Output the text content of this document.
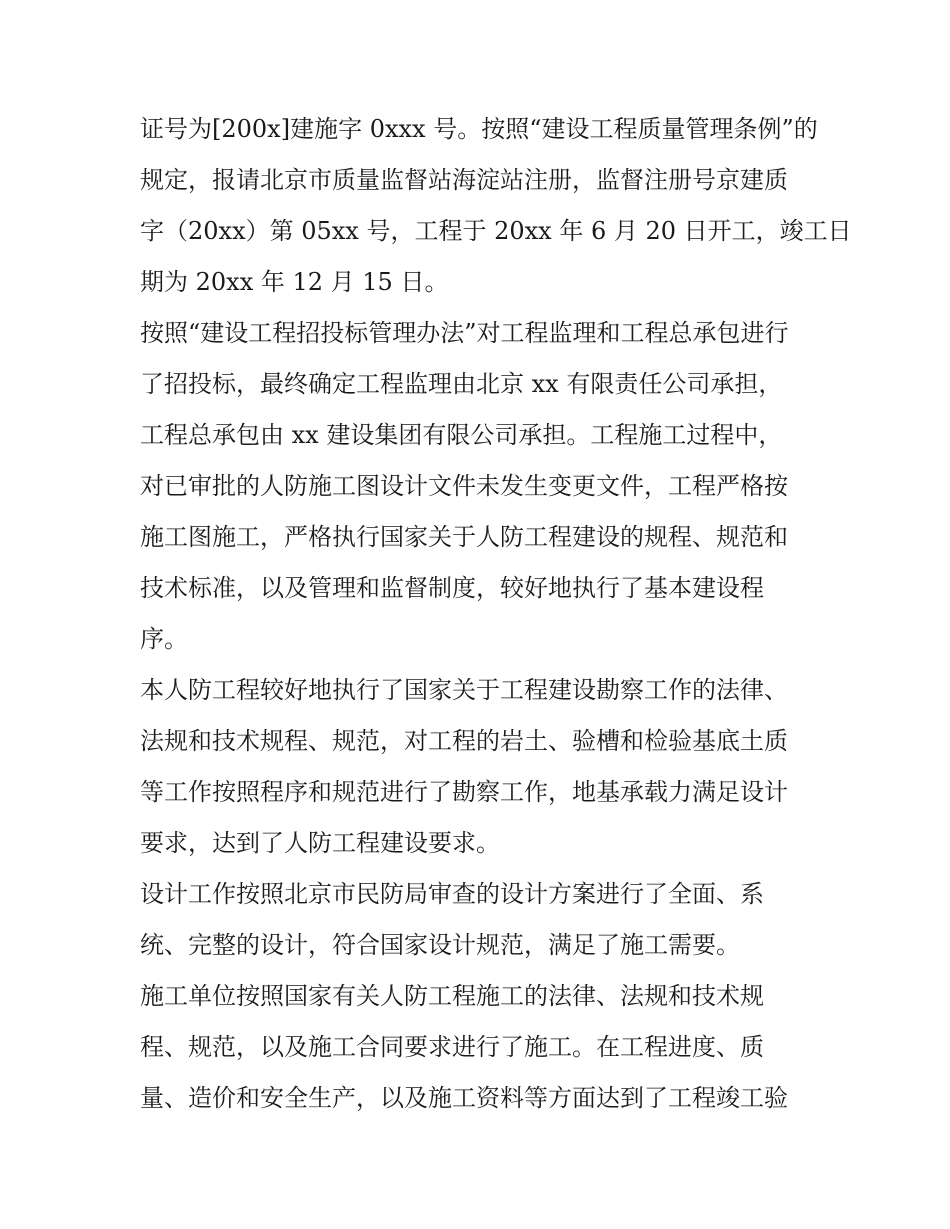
证号为[200x]建施字 0xxx 号。按照“建设工程质量管理条例”的
规定，报请北京市质量监督站海淀站注册，监督注册号京建质
字（20xx）第 05xx 号，工程于 20xx 年 6 月 20 日开工，竣工日
期为 20xx 年 12 月 15 日。

按照“建设工程招投标管理办法”对工程监理和工程总承包进行
了招投标，最终确定工程监理由北京 xx 有限责任公司承担，
工程总承包由 xx 建设集团有限公司承担。工程施工过程中，
对已审批的人防施工图设计文件未发生变更文件，工程严格按
施工图施工，严格执行国家关于人防工程建设的规程、规范和
技术标准，以及管理和监督制度，较好地执行了基本建设程
序。

本人防工程较好地执行了国家关于工程建设勘察工作的法律、
法规和技术规程、规范，对工程的岩土、验槽和检验基底土质
等工作按照程序和规范进行了勘察工作，地基承载力满足设计
要求，达到了人防工程建设要求。

设计工作按照北京市民防局审查的设计方案进行了全面、系
统、完整的设计，符合国家设计规范，满足了施工需要。

施工单位按照国家有关人防工程施工的法律、法规和技术规
程、规范，以及施工合同要求进行了施工。在工程进度、质
量、造价和安全生产，以及施工资料等方面达到了工程竣工验
